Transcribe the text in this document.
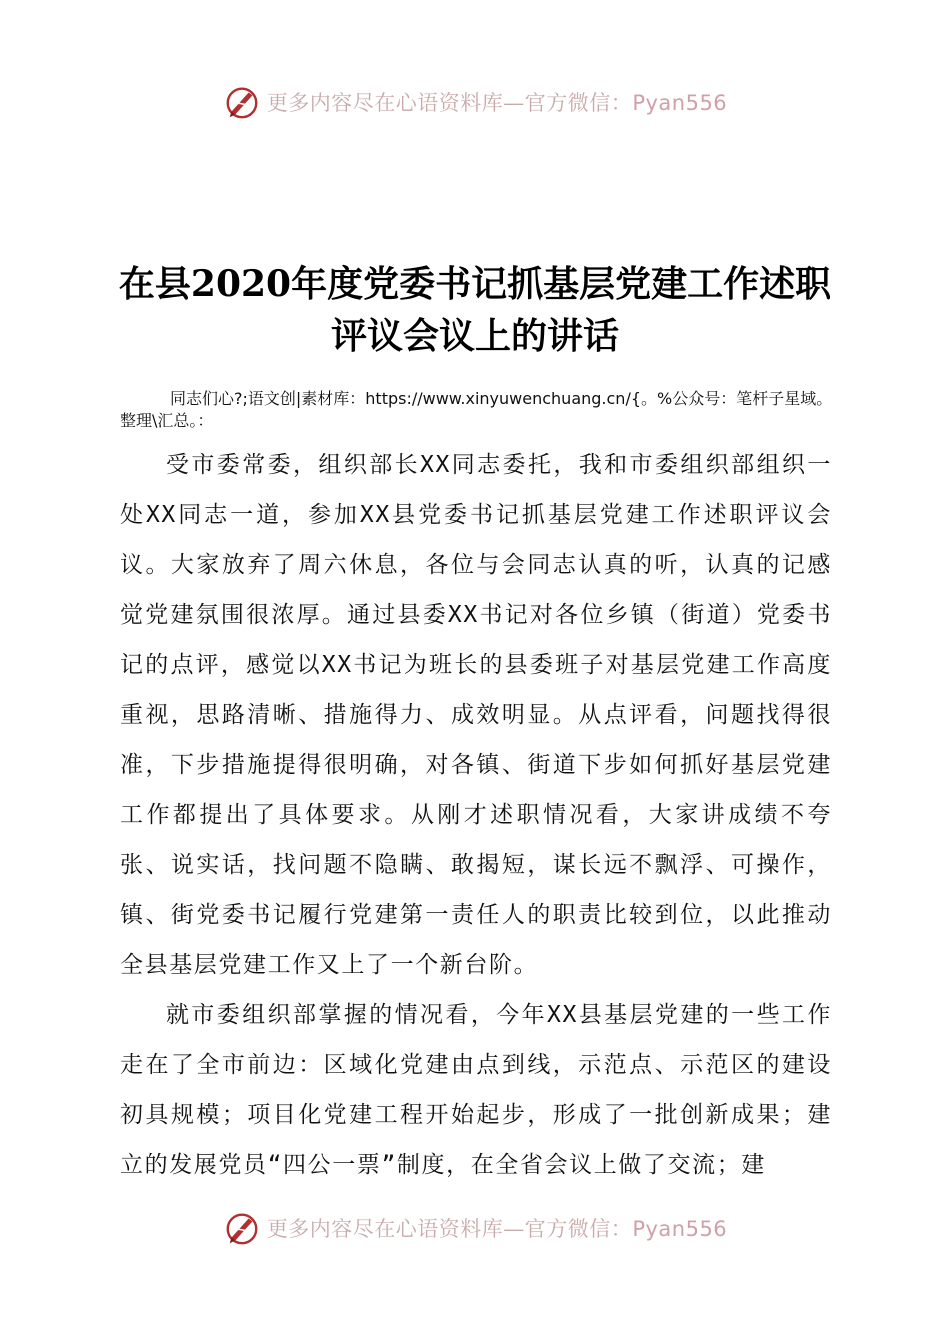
更多内容尽在心语资料库—官方微信：Pyan556
在县2020年度党委书记抓基层党建工作述职
评议会议上的讲话
同志们心?;语文创|素材库：https://www.xinyuwenchuang.cn/{。%公众号：笔杆子星域。整理\汇总。：

受市委常委，组织部长XX同志委托，我和市委组织部组织一处XX同志一道，参加XX县党委书记抓基层党建工作述职评议会议。大家放弃了周六休息，各位与会同志认真的听，认真的记感觉党建氛围很浓厚。通过县委XX书记对各位乡镇（街道）党委书记的点评，感觉以XX书记为班长的县委班子对基层党建工作高度重视，思路清晰、措施得力、成效明显。从点评看，问题找得很准，下步措施提得很明确，对各镇、街道下步如何抓好基层党建工作都提出了具体要求。从刚才述职情况看，大家讲成绩不夸张、说实话，找问题不隐瞒、敢揭短，谋长远不飘浮、可操作，镇、街党委书记履行党建第一责任人的职责比较到位，以此推动全县基层党建工作又上了一个新台阶。

就市委组织部掌握的情况看，今年XX县基层党建的一些工作走在了全市前边：区域化党建由点到线，示范点、示范区的建设初具规模；项目化党建工程开始起步，形成了一批创新成果；建立的发展党员“四公一票”制度，在全省会议上做了交流；建

更多内容尽在心语资料库—官方微信：Pyan556
